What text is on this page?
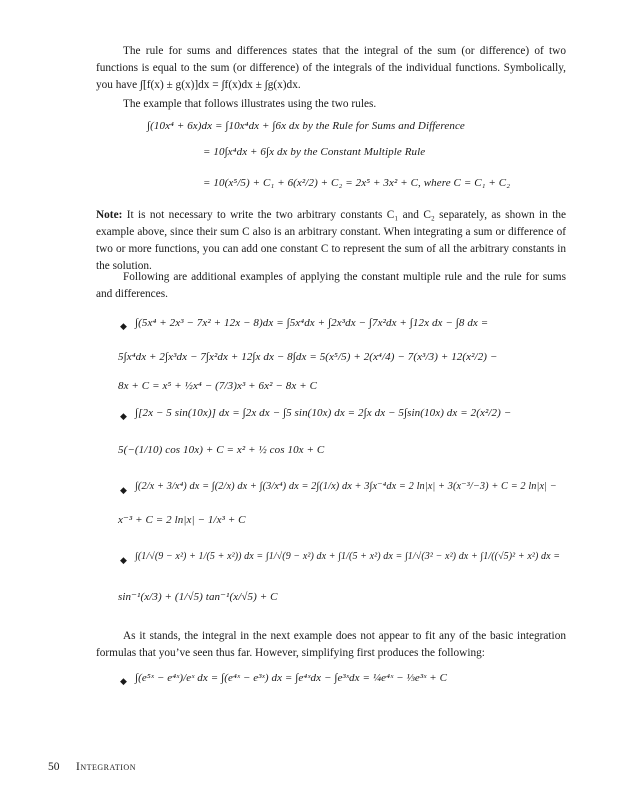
The rule for sums and differences states that the integral of the sum (or difference) of two functions is equal to the sum (or difference) of the integrals of the individual functions. Symbolically, you have ∫[f(x) ± g(x)]dx = ∫f(x)dx ± ∫g(x)dx.
The example that follows illustrates using the two rules.
∫(10x⁴ + 6x)dx = ∫10x⁴dx + ∫6x dx by the Rule for Sums and Difference
= 10∫x⁴dx + 6∫x dx by the Constant Multiple Rule
= 10(x⁵/5) + C₁ + 6(x²/2) + C₂ = 2x⁵ + 3x² + C, where C = C₁ + C₂
Note: It is not necessary to write the two arbitrary constants C₁ and C₂ separately, as shown in the example above, since their sum C also is an arbitrary constant. When integrating a sum or difference of two or more functions, you can add one constant C to represent the sum of all the arbitrary constants in the solution.
Following are additional examples of applying the constant multiple rule and the rule for sums and differences.
◆ ∫(5x⁴ + 2x³ − 7x² + 12x − 8)dx = ∫5x⁴dx + ∫2x³dx − ∫7x²dx + ∫12x dx − ∫8 dx =
5∫x⁴dx + 2∫x³dx − 7∫x²dx + 12∫x dx − 8∫dx = 5(x⁵/5) + 2(x⁴/4) − 7(x³/3) + 12(x²/2) −
8x + C = x⁵ + ½x⁴ − (7/3)x³ + 6x² − 8x + C
◆ ∫[2x − 5 sin(10x)] dx = ∫2x dx − ∫5 sin(10x) dx = 2∫x dx − 5∫sin(10x) dx = 2(x²/2) −
5(−(1/10) cos 10x) + C = x² + ½ cos 10x + C
◆ ∫(2/x + 3/x⁴) dx = ∫(2/x) dx + ∫(3/x⁴) dx = 2∫(1/x) dx + 3∫x⁻⁴dx = 2 ln|x| + 3(x⁻³/−3) + C = 2 ln|x| −
x⁻³ + C = 2 ln|x| − 1/x³ + C
◆ ∫(1/√(9 − x²) + 1/(5 + x²)) dx = ∫1/√(9 − x²) dx + ∫1/(5 + x²) dx = ∫1/√(3² − x²) dx + ∫1/((√5)² + x²) dx =
sin⁻¹(x/3) + (1/√5) tan⁻¹(x/√5) + C
As it stands, the integral in the next example does not appear to fit any of the basic integration formulas that you’ve seen thus far. However, simplifying first produces the following:
◆ ∫(e⁵ˣ − e⁴ˣ)/eˣ dx = ∫(e⁴ˣ − e³ˣ) dx = ∫e⁴ˣdx − ∫e³ˣdx = ¼e⁴ˣ − ⅓e³ˣ + C
50 Integration
